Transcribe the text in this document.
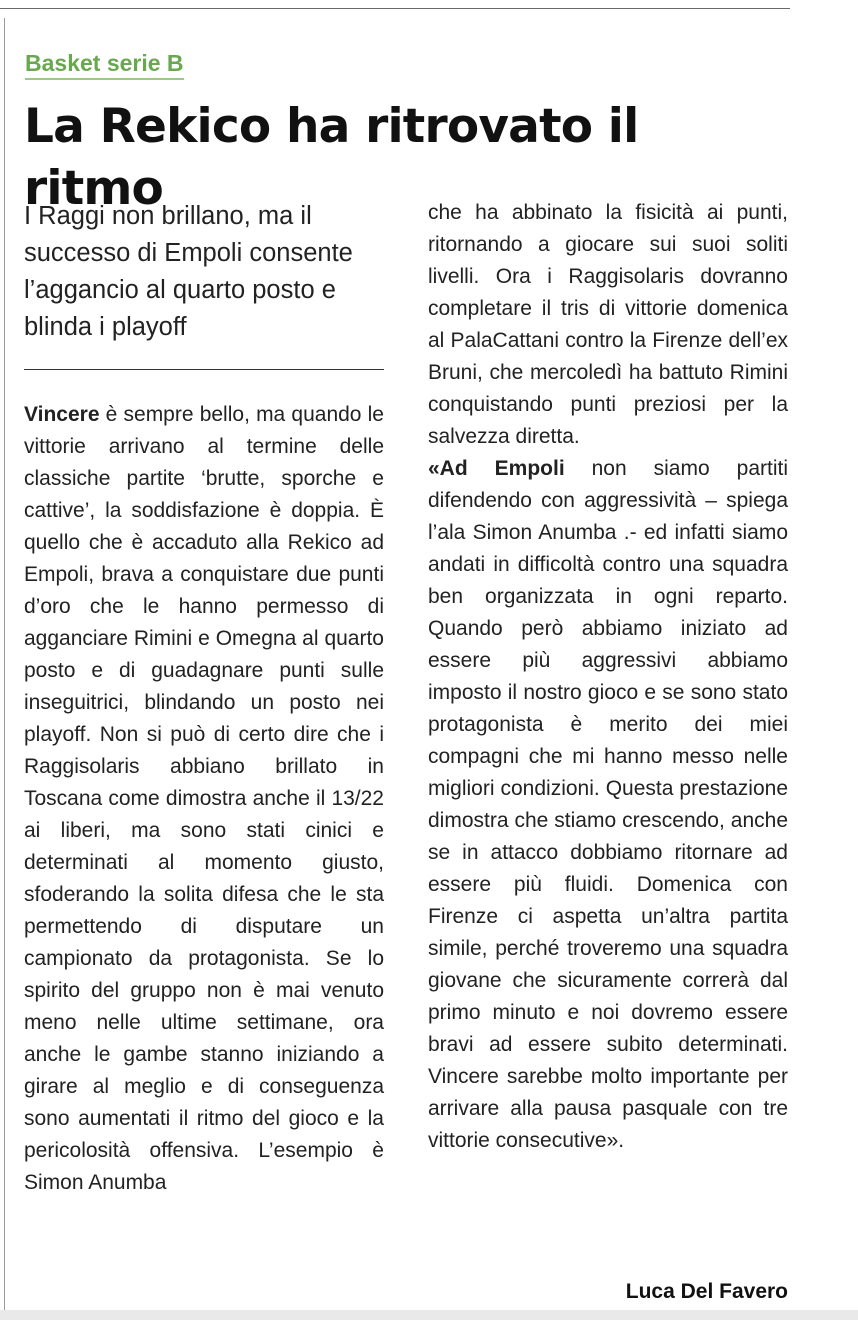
Basket serie B
La Rekico ha ritrovato il ritmo
I Raggi non brillano, ma il successo di Empoli consente l’aggancio al quarto posto e blinda i playoff

Vincere è sempre bello, ma quando le vittorie arrivano al termine delle classiche partite ‘brutte, sporche e cattive’, la soddisfazione è doppia. È quello che è accaduto alla Rekico ad Empoli, brava a conquistare due punti d’oro che le hanno permesso di agganciare Rimini e Omegna al quarto posto e di guadagnare punti sulle inseguitrici, blindando un posto nei playoff. Non si può di certo dire che i Raggisolaris abbiano brillato in Toscana come dimostra anche il 13/22 ai liberi, ma sono stati cinici e determinati al momento giusto, sfoderando la solita difesa che le sta permettendo di disputare un campionato da protagonista. Se lo spirito del gruppo non è mai venuto meno nelle ultime settimane, ora anche le gambe stanno iniziando a girare al meglio e di conseguenza sono aumentati il ritmo del gioco e la pericolosità offensiva. L’esempio è Simon Anumba

che ha abbinato la fisicità ai punti, ritornando a giocare sui suoi soliti livelli. Ora i Raggisolaris dovranno completare il tris di vittorie domenica al PalaCattani contro la Firenze dell’ex Bruni, che mercoledì ha battuto Rimini conquistando punti preziosi per la salvezza diretta.

«Ad Empoli non siamo partiti difendendo con aggressività – spiega l’ala Simon Anumba .- ed infatti siamo andati in difficoltà contro una squadra ben organizzata in ogni reparto. Quando però abbiamo iniziato ad essere più aggressivi abbiamo imposto il nostro gioco e se sono stato protagonista è merito dei miei compagni che mi hanno messo nelle migliori condizioni. Questa prestazione dimostra che stiamo crescendo, anche se in attacco dobbiamo ritornare ad essere più fluidi. Domenica con Firenze ci aspetta un’altra partita simile, perché troveremo una squadra giovane che sicuramente correrà dal primo minuto e noi dovremo essere bravi ad essere subito determinati. Vincere sarebbe molto importante per arrivare alla pausa pasquale con tre vittorie consecutive».

Luca Del Favero
